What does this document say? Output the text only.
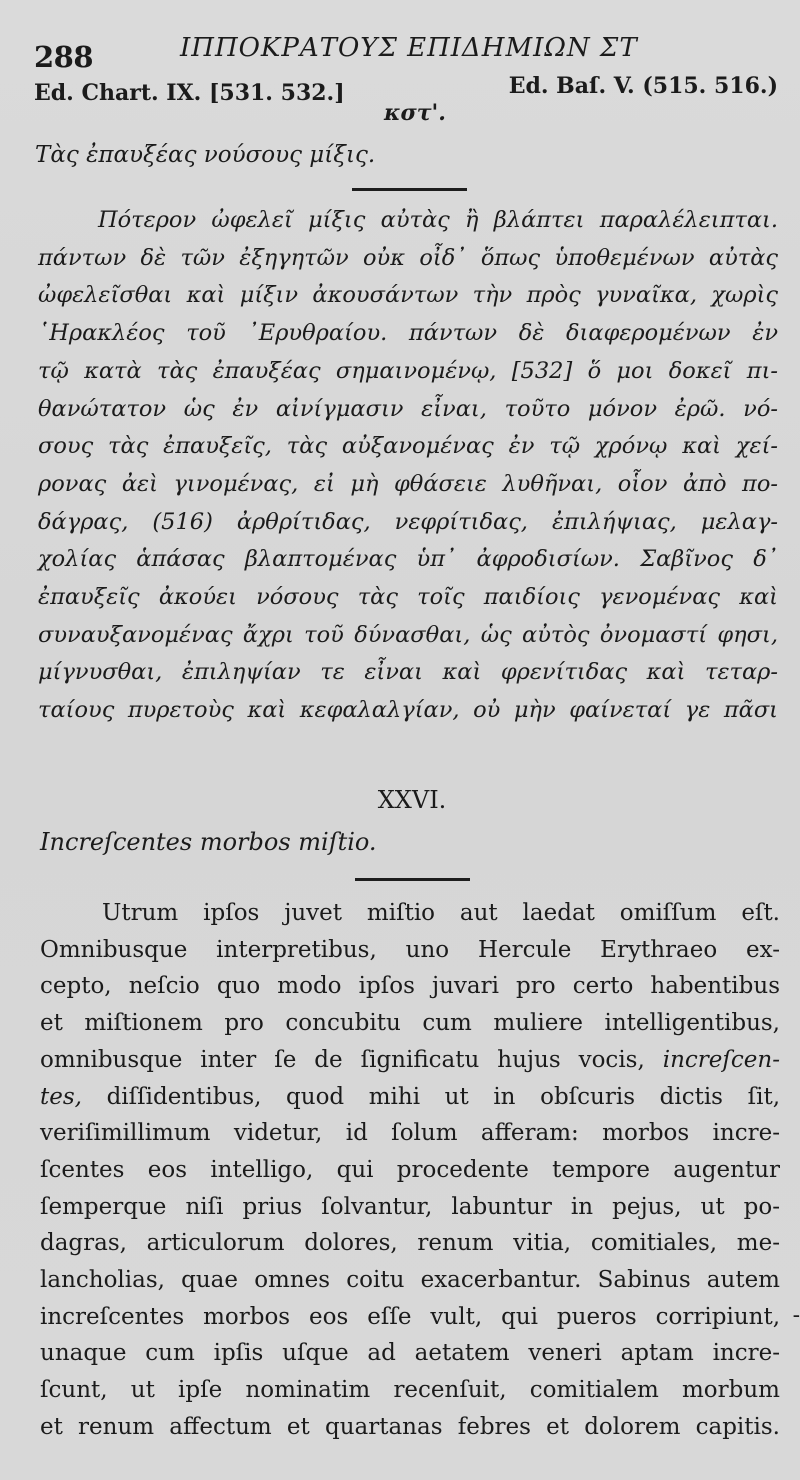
288	ΙΠΠΟΚΡΑΤΟΥΣ ΕΠΙΔΗΜΙΩΝ ΣΤ
Ed. Chart. IX. [531. 532.]	Ed. Baſ. V. (515. 516.)
κστ'.
Τὰς ἐπαυξέας νούσους μίξις.
Πότερον ὠφελεῖ μίξις αὐτὰς ἢ βλάπτει παραλέλειπται.
πάντων δὲ τῶν ἐξηγητῶν οὐκ οἶδ᾽ ὅπως ὑποθεμένων αὐτὰς
ὠφελεῖσθαι καὶ μίξιν ἀκουσάντων τὴν πρὸς γυναῖκα, χωρὶς
῾Ηρακλέος τοῦ ᾽Ερυθραίου. πάντων δὲ διαφερομένων ἐν
τῷ κατὰ τὰς ἐπαυξέας σημαινομένῳ, [532] ὅ μοι δοκεῖ πι-
θανώτατον ὡς ἐν αἰνίγμασιν εἶναι, τοῦτο μόνον ἐρῶ. νό-
σους τὰς ἐπαυξεῖς, τὰς αὐξανομένας ἐν τῷ χρόνῳ καὶ χεί-
ρονας ἀεὶ γινομένας, εἰ μὴ φθάσειε λυθῆναι, οἷον ἀπὸ πο-
δάγρας, (516) ἀρθρίτιδας, νεφρίτιδας, ἐπιλήψιας, μελαγ-
χολίας ἁπάσας βλαπτομένας ὑπ᾽ ἀφροδισίων. Σαβῖνος δ᾽
ἐπαυξεῖς ἀκούει νόσους τὰς τοῖς παιδίοις γενομένας καὶ
συναυξανομένας ἄχρι τοῦ δύνασθαι, ὡς αὐτὸς ὀνομαστί φησι,
μίγνυσθαι, ἐπιληψίαν τε εἶναι καὶ φρενίτιδας καὶ τεταρ-
ταίους πυρετοὺς καὶ κεφαλαλγίαν, οὐ μὴν φαίνεταί γε πᾶσι
XXVI.
Increſcentes morbos miſtio.
Utrum ipſos juvet miſtio aut laedat omiſſum eſt.
Omnibusque interpretibus, uno Hercule Erythraeo ex-
cepto, neſcio quo modo ipſos juvari pro certo habentibus
et miſtionem pro concubitu cum muliere intelligentibus,
omnibusque inter ſe de ſignificatu hujus vocis, increſcen-
tes, diſſidentibus, quod mihi ut in obſcuris dictis ſit,
veriſimillimum videtur, id ſolum afferam: morbos incre-
ſcentes eos intelligo, qui procedente tempore augentur
ſemperque niſi prius ſolvantur, labuntur in pejus, ut po-
dagras, articulorum dolores, renum vitia, comitiales, me-
lancholias, quae omnes coitu exacerbantur. Sabinus autem
increſcentes morbos eos eſſe vult, qui pueros corripiunt,
unaque cum ipſis uſque ad aetatem veneri aptam incre-
ſcunt, ut ipſe nominatim recenſuit, comitialem morbum
et renum affectum et quartanas febres et dolorem capitis.
-
